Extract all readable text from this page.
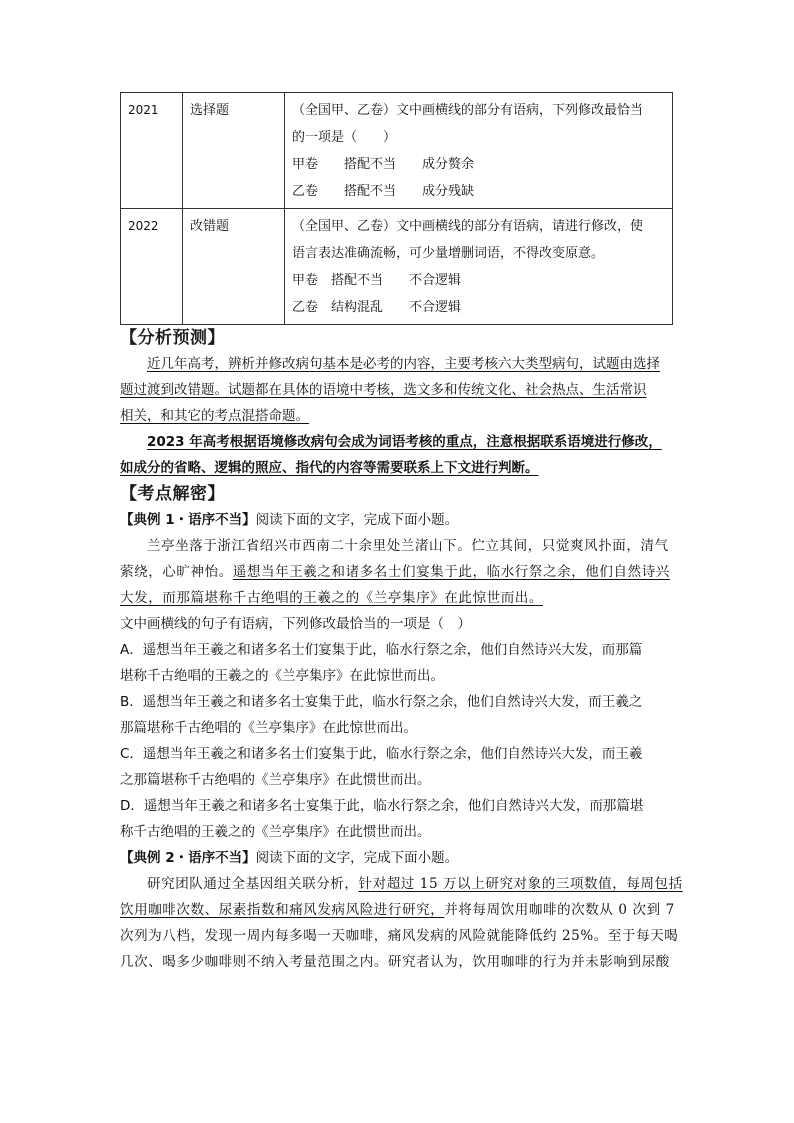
2021	选择题	（全国甲、乙卷）文中画横线的部分有语病，下列修改最恰当
的一项是（　　）
甲卷　　搭配不当　　成分赘余
乙卷　　搭配不当　　成分残缺

2022	改错题	（全国甲、乙卷）文中画横线的部分有语病，请进行修改，使
语言表达准确流畅，可少量增删词语，不得改变原意。
甲卷　搭配不当　　不合逻辑
乙卷　结构混乱　　不合逻辑
【分析预测】

近几年高考，辨析并修改病句基本是必考的内容，主要考核六大类型病句，试题由选择
题过渡到改错题。试题都在具体的语境中考核，选文多和传统文化、社会热点、生活常识
相关，和其它的考点混搭命题。

2023 年高考根据语境修改病句会成为词语考核的重点，注意根据联系语境进行修改，
如成分的省略、逻辑的照应、指代的内容等需要联系上下文进行判断。

【考点解密】

【典例 1・语序不当】阅读下面的文字，完成下面小题。

兰亭坐落于浙江省绍兴市西南二十余里处兰渚山下。伫立其间，只觉爽风扑面，清气
萦绕，心旷神怡。遥想当年王羲之和诸多名士们宴集于此，临水行祭之余，他们自然诗兴
大发，而那篇堪称千古绝唱的王羲之的《兰亭集序》在此惊世而出。

文中画横线的句子有语病，下列修改最恰当的一项是（　）
A．遥想当年王羲之和诸多名士们宴集于此，临水行祭之余，他们自然诗兴大发，而那篇
堪称千古绝唱的王羲之的《兰亭集序》在此惊世而出。
B．遥想当年王羲之和诸多名士宴集于此，临水行祭之余，他们自然诗兴大发，而王羲之
那篇堪称千古绝唱的《兰亭集序》在此惊世而出。
C．遥想当年王羲之和诸多名士们宴集于此，临水行祭之余，他们自然诗兴大发，而王羲
之那篇堪称千古绝唱的《兰亭集序》在此惯世而出。
D．遥想当年王羲之和诸多名士宴集于此，临水行祭之余，他们自然诗兴大发，而那篇堪
称千古绝唱的王羲之的《兰亭集序》在此惯世而出。

【典例 2・语序不当】阅读下面的文字，完成下面小题。

研究团队通过全基因组关联分析，针对超过 15 万以上研究对象的三项数值，每周包括
饮用咖啡次数、尿素指数和痛风发病风险进行研究，并将每周饮用咖啡的次数从 0 次到 7
次列为八档，发现一周内每多喝一天咖啡，痛风发病的风险就能降低约 25%。至于每天喝
几次、喝多少咖啡则不纳入考量范围之内。研究者认为，饮用咖啡的行为并未影响到尿酸
